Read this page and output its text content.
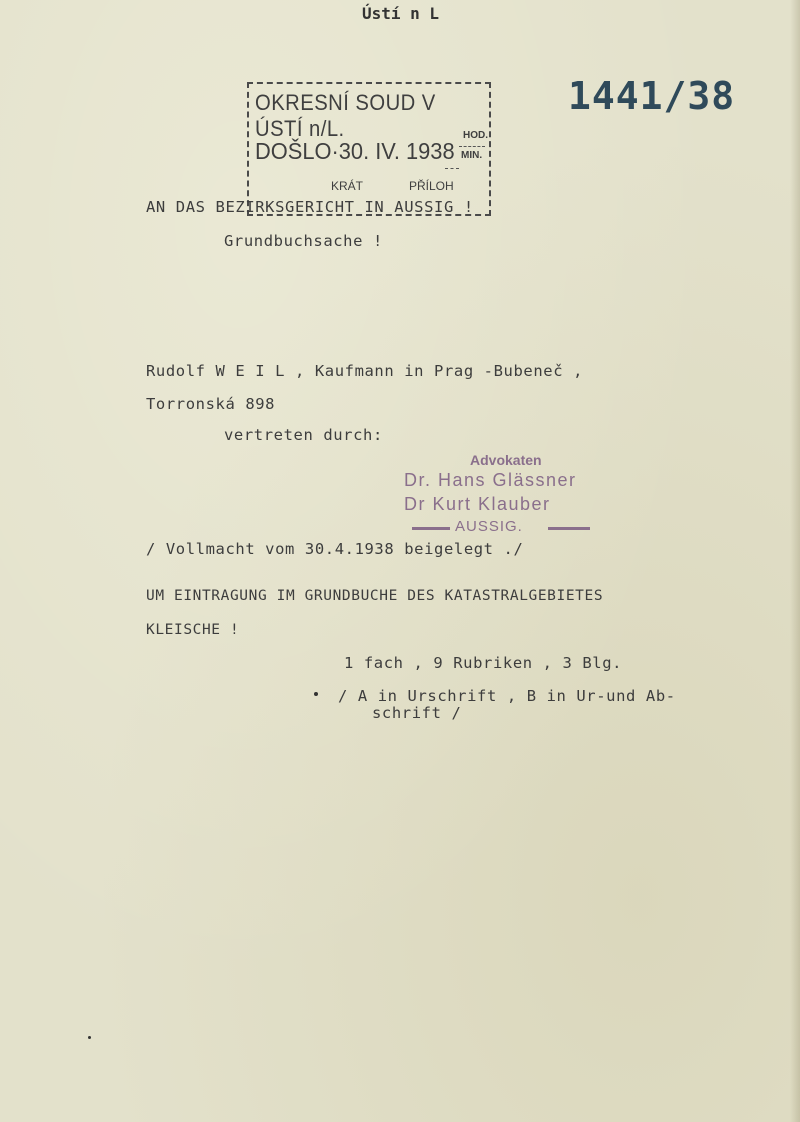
Ústí n L
1441/38
OKRESNÍ SOUD V ÚSTÍ n/L.
DOŠLO·30. IV. 1938
HOD.
MIN.
KRÁT	PŘÍLOH
AN DAS BEZIRKSGERICHT IN AUSSIG !
Grundbuchsache !
Rudolf W E I L , Kaufmann in Prag -Bubeneč ,
Torronská 898
vertreten durch:
Advokaten
Dr. Hans Glässner
Dr Kurt Klauber
AUSSIG.
/ Vollmacht vom 30.4.1938 beigelegt ./
UM EINTRAGUNG IM GRUNDBUCHE DES KATASTRALGEBIETES
KLEISCHE !
1 fach , 9 Rubriken , 3 Blg.
/ A in Urschrift , B in Ur-und Ab-
schrift /
